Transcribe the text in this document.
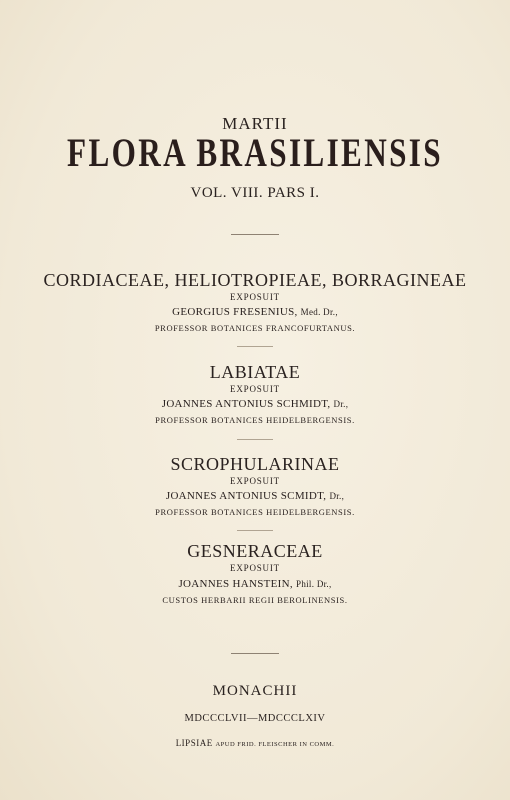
MARTII
FLORA BRASILIENSIS
VOL. VIII. PARS I.
CORDIACEAE, HELIOTROPIEAE, BORRAGINEAE
EXPOSUIT
GEORGIUS FRESENIUS, Med. Dr.,
PROFESSOR BOTANICES FRANCOFURTANUS.
LABIATAE
EXPOSUIT
JOANNES ANTONIUS SCHMIDT, Dr.,
PROFESSOR BOTANICES HEIDELBERGENSIS.
SCROPHULARINAE
EXPOSUIT
JOANNES ANTONIUS SCMIDT, Dr.,
PROFESSOR BOTANICES HEIDELBERGENSIS.
GESNERACEAE
EXPOSUIT
JOANNES HANSTEIN, Phil. Dr.,
CUSTOS HERBARII REGII BEROLINENSIS.
MONACHII
MDCCCLVII—MDCCCLXIV
LIPSIAE APUD FRID. FLEISCHER IN COMM.
